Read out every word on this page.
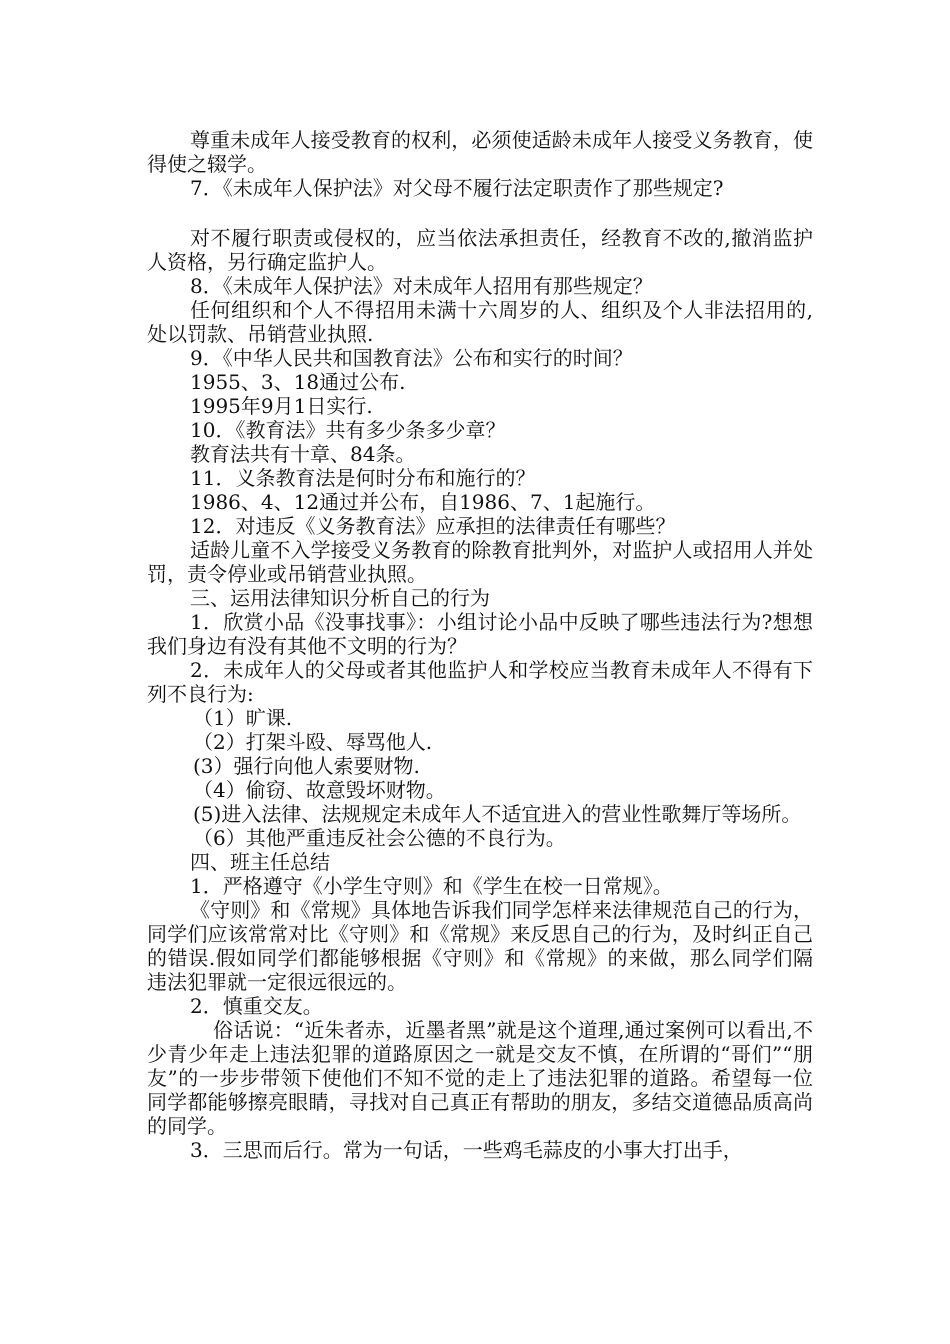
尊重未成年人接受教育的权利，必须使适龄未成年人接受义务教育，使得使之辍学。

7．《未成年人保护法》对父母不履行法定职责作了那些规定?

对不履行职责或侵权的，应当依法承担责任，经教育不改的,撤消监护人资格，另行确定监护人。

8．《未成年人保护法》对未成年人招用有那些规定？

任何组织和个人不得招用未满十六周岁的人、组织及个人非法招用的,处以罚款、吊销营业执照.

9．《中华人民共和国教育法》公布和实行的时间？

1955、3、18通过公布.

1995年9月1日实行.

10．《教育法》共有多少条多少章？

教育法共有十章、84条。

11．义条教育法是何时分布和施行的？

1986、4、12通过并公布，自1986、7、1起施行。

12．对违反《义务教育法》应承担的法律责任有哪些？

适龄儿童不入学接受义务教育的除教育批判外，对监护人或招用人并处罚，责令停业或吊销营业执照。

三、运用法律知识分析自己的行为

1．欣赏小品《没事找事》：小组讨论小品中反映了哪些违法行为?想想我们身边有没有其他不文明的行为？

2．未成年人的父母或者其他监护人和学校应当教育未成年人不得有下列不良行为:

（1）旷课.

（2）打架斗殴、辱骂他人.

(3）强行向他人索要财物.

（4）偷窃、故意毁坏财物。

(5)进入法律、法规规定未成年人不适宜进入的营业性歌舞厅等场所。

（6）其他严重违反社会公德的不良行为。

四、班主任总结

1．严格遵守《小学生守则》和《学生在校一日常规》。

《守则》和《常规》具体地告诉我们同学怎样来法律规范自己的行为，同学们应该常常对比《守则》和《常规》来反思自己的行为，及时纠正自己的错误.假如同学们都能够根据《守则》和《常规》的来做，那么同学们隔违法犯罪就一定很远很远的。

2．慎重交友。

俗话说：“近朱者赤，近墨者黑”就是这个道理,通过案例可以看出,不少青少年走上违法犯罪的道路原因之一就是交友不慎，在所谓的“哥们”“朋友”的一步步带领下使他们不知不觉的走上了违法犯罪的道路。希望每一位同学都能够擦亮眼睛，寻找对自己真正有帮助的朋友，多结交道德品质高尚的同学。

3．三思而后行。常为一句话，一些鸡毛蒜皮的小事大打出手，
